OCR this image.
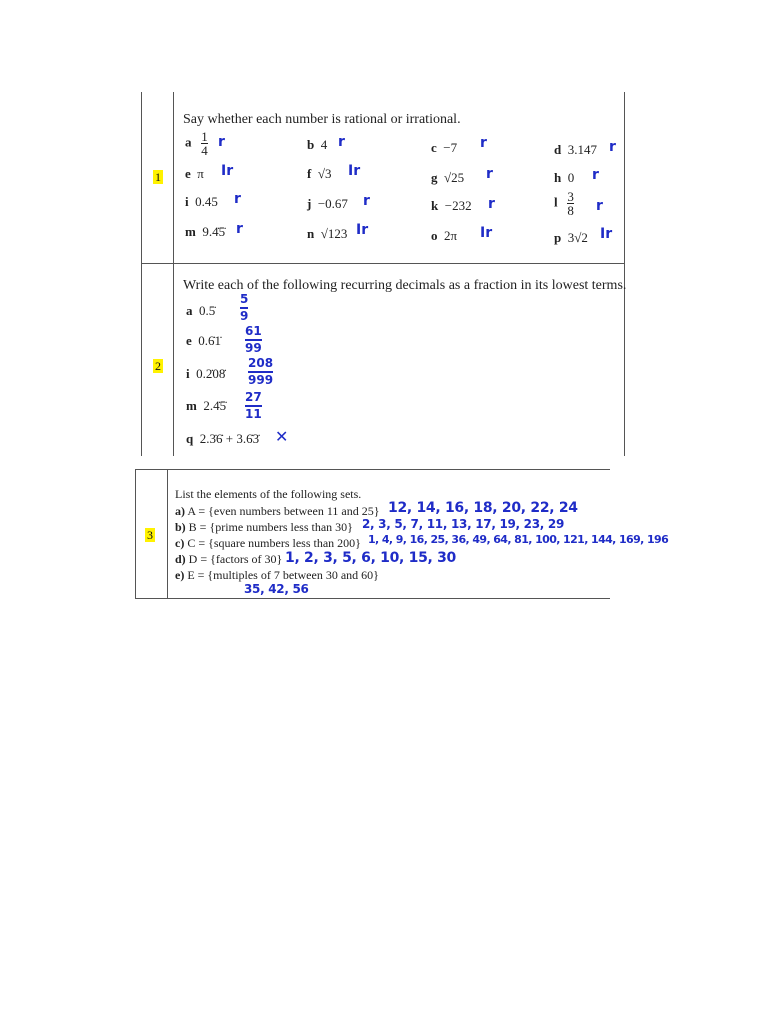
1
Say whether each number is rational or irrational.
a $\frac{1}{4}$ r	b 4 r	c −7 r	d 3.147 r
e π Ir	f √3 Ir	g √25 r	h 0 r
i 0.45 r	j −0.67 r	k −232 r	l $\frac{3}{8}$ r
m 9.4̇5̇ r	n √123 Ir	o 2π Ir	p 3√2 Ir
2
Write each of the following recurring decimals as a fraction in its lowest terms.
a 0.5̇
5
9
e 0.6̇1̇
61
99
i 0.2̇08̇
208
999
m 2.4̇5̇
27
11
q 2.3̇6̇ + 3.6̇3̇ ✕
3
List the elements of the following sets.
a) A = {even numbers between 11 and 25} 12, 14, 16, 18, 20, 22, 24
b) B = {prime numbers less than 30} 2, 3, 5, 7, 11, 13, 17, 19, 23, 29
c) C = {square numbers less than 200} 1, 4, 9, 16, 25, 36, 49, 64, 81, 100, 121, 144, 169, 196
d) D = {factors of 30} 1, 2, 3, 5, 6, 10, 15, 30
e) E = {multiples of 7 between 30 and 60}
35, 42, 56
